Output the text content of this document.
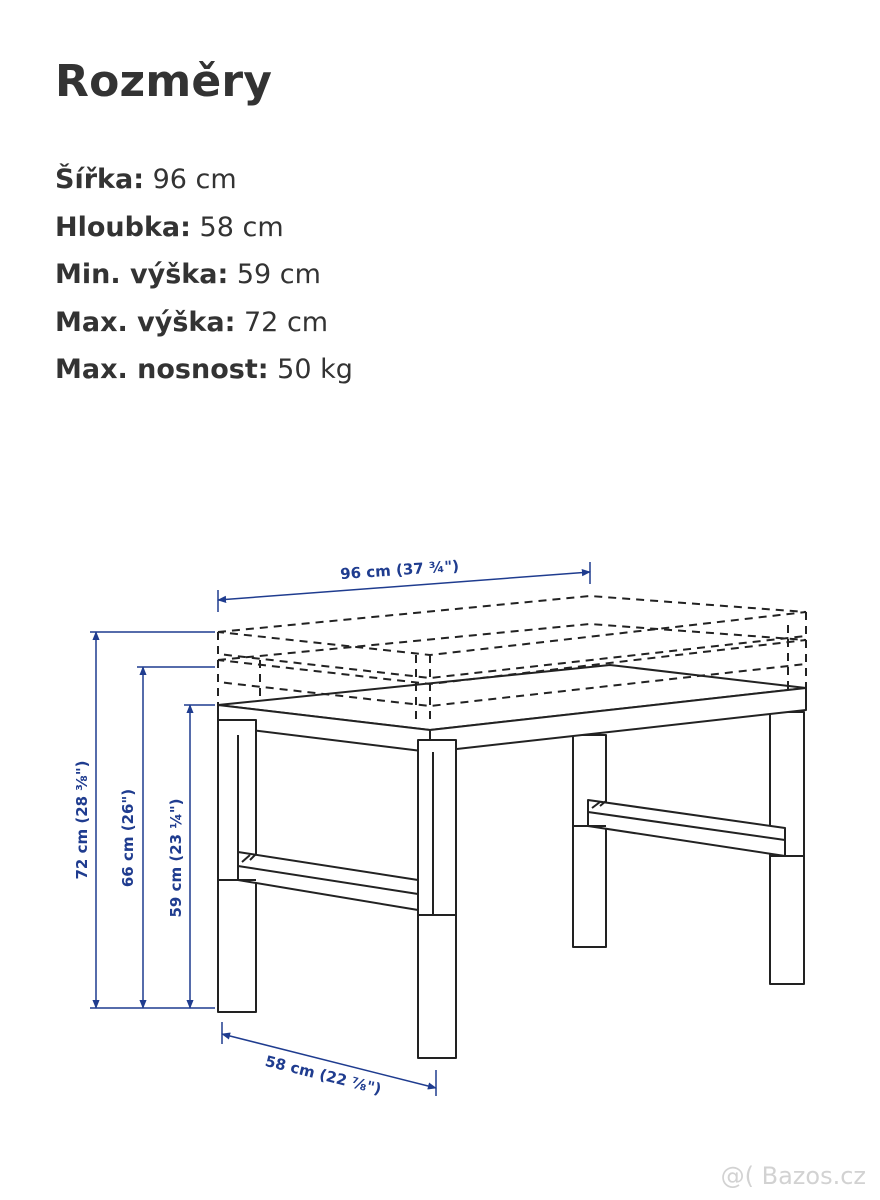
Rozměry
Šířka: 96 cm
Hloubka: 58 cm
Min. výška: 59 cm
Max. výška: 72 cm
Max. nosnost: 50 kg
96 cm (37 ¾")
72 cm (28 ⅜") 66 cm (26") 59 cm (23 ¼")
58 cm (22 ⅞")
@( Bazos.cz
